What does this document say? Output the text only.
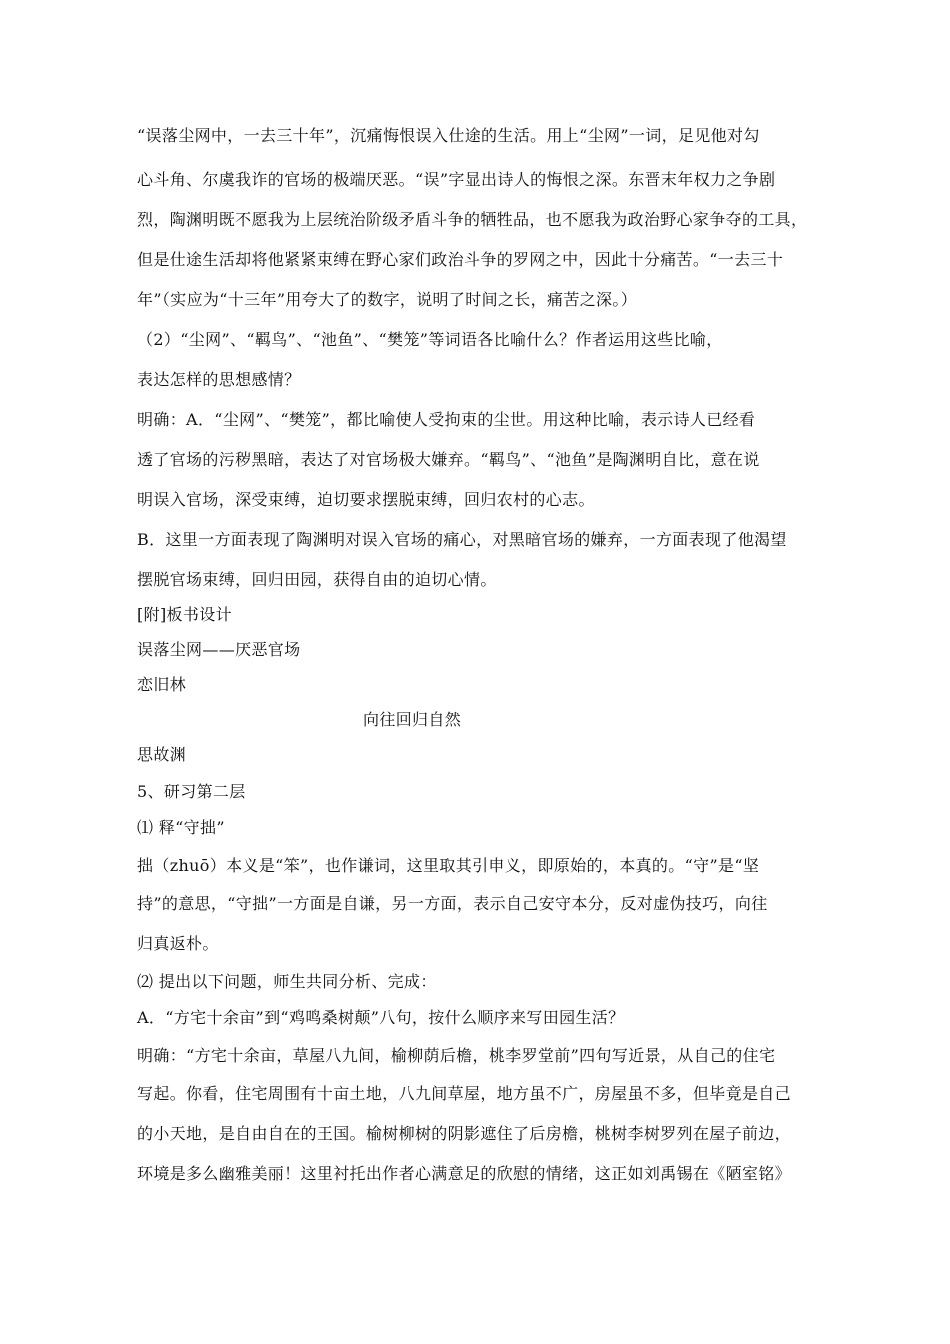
“误落尘网中，一去三十年”，沉痛悔恨误入仕途的生活。用上“尘网”一词，足见他对勾
心斗角、尔虞我诈的官场的极端厌恶。“误”字显出诗人的悔恨之深。东晋末年权力之争剧
烈，陶渊明既不愿我为上层统治阶级矛盾斗争的牺牲品，也不愿我为政治野心家争夺的工具，
但是仕途生活却将他紧紧束缚在野心家们政治斗争的罗网之中，因此十分痛苦。“一去三十
年”（实应为“十三年”用夸大了的数字，说明了时间之长，痛苦之深。）
（2）“尘网”、“羁鸟”、“池鱼”、“樊笼”等词语各比喻什么？作者运用这些比喻，
表达怎样的思想感情？
明确：A．“尘网”、“樊笼”，都比喻使人受拘束的尘世。用这种比喻，表示诗人已经看
透了官场的污秽黑暗，表达了对官场极大嫌弃。“羁鸟”、“池鱼”是陶渊明自比，意在说
明误入官场，深受束缚，迫切要求摆脱束缚，回归农村的心志。
B．这里一方面表现了陶渊明对误入官场的痛心，对黑暗官场的嫌弃，一方面表现了他渴望
摆脱官场束缚，回归田园，获得自由的迫切心情。
[附]板书设计
误落尘网——厌恶官场
恋旧林
向往回归自然
思故渊
5、研习第二层
⑴ 释“守拙”
拙（zhuō）本义是“笨”，也作谦词，这里取其引申义，即原始的，本真的。“守”是“坚
持”的意思，“守拙”一方面是自谦，另一方面，表示自己安守本分，反对虚伪技巧，向往
归真返朴。
⑵ 提出以下问题，师生共同分析、完成：
A．“方宅十余亩”到“鸡鸣桑树颠”八句，按什么顺序来写田园生活？
明确：“方宅十余亩，草屋八九间，榆柳荫后檐，桃李罗堂前”四句写近景，从自己的住宅
写起。你看，住宅周围有十亩土地，八九间草屋，地方虽不广，房屋虽不多，但毕竟是自己
的小天地，是自由自在的王国。榆树柳树的阴影遮住了后房檐，桃树李树罗列在屋子前边，
环境是多么幽雅美丽！这里衬托出作者心满意足的欣慰的情绪，这正如刘禹锡在《陋室铭》
